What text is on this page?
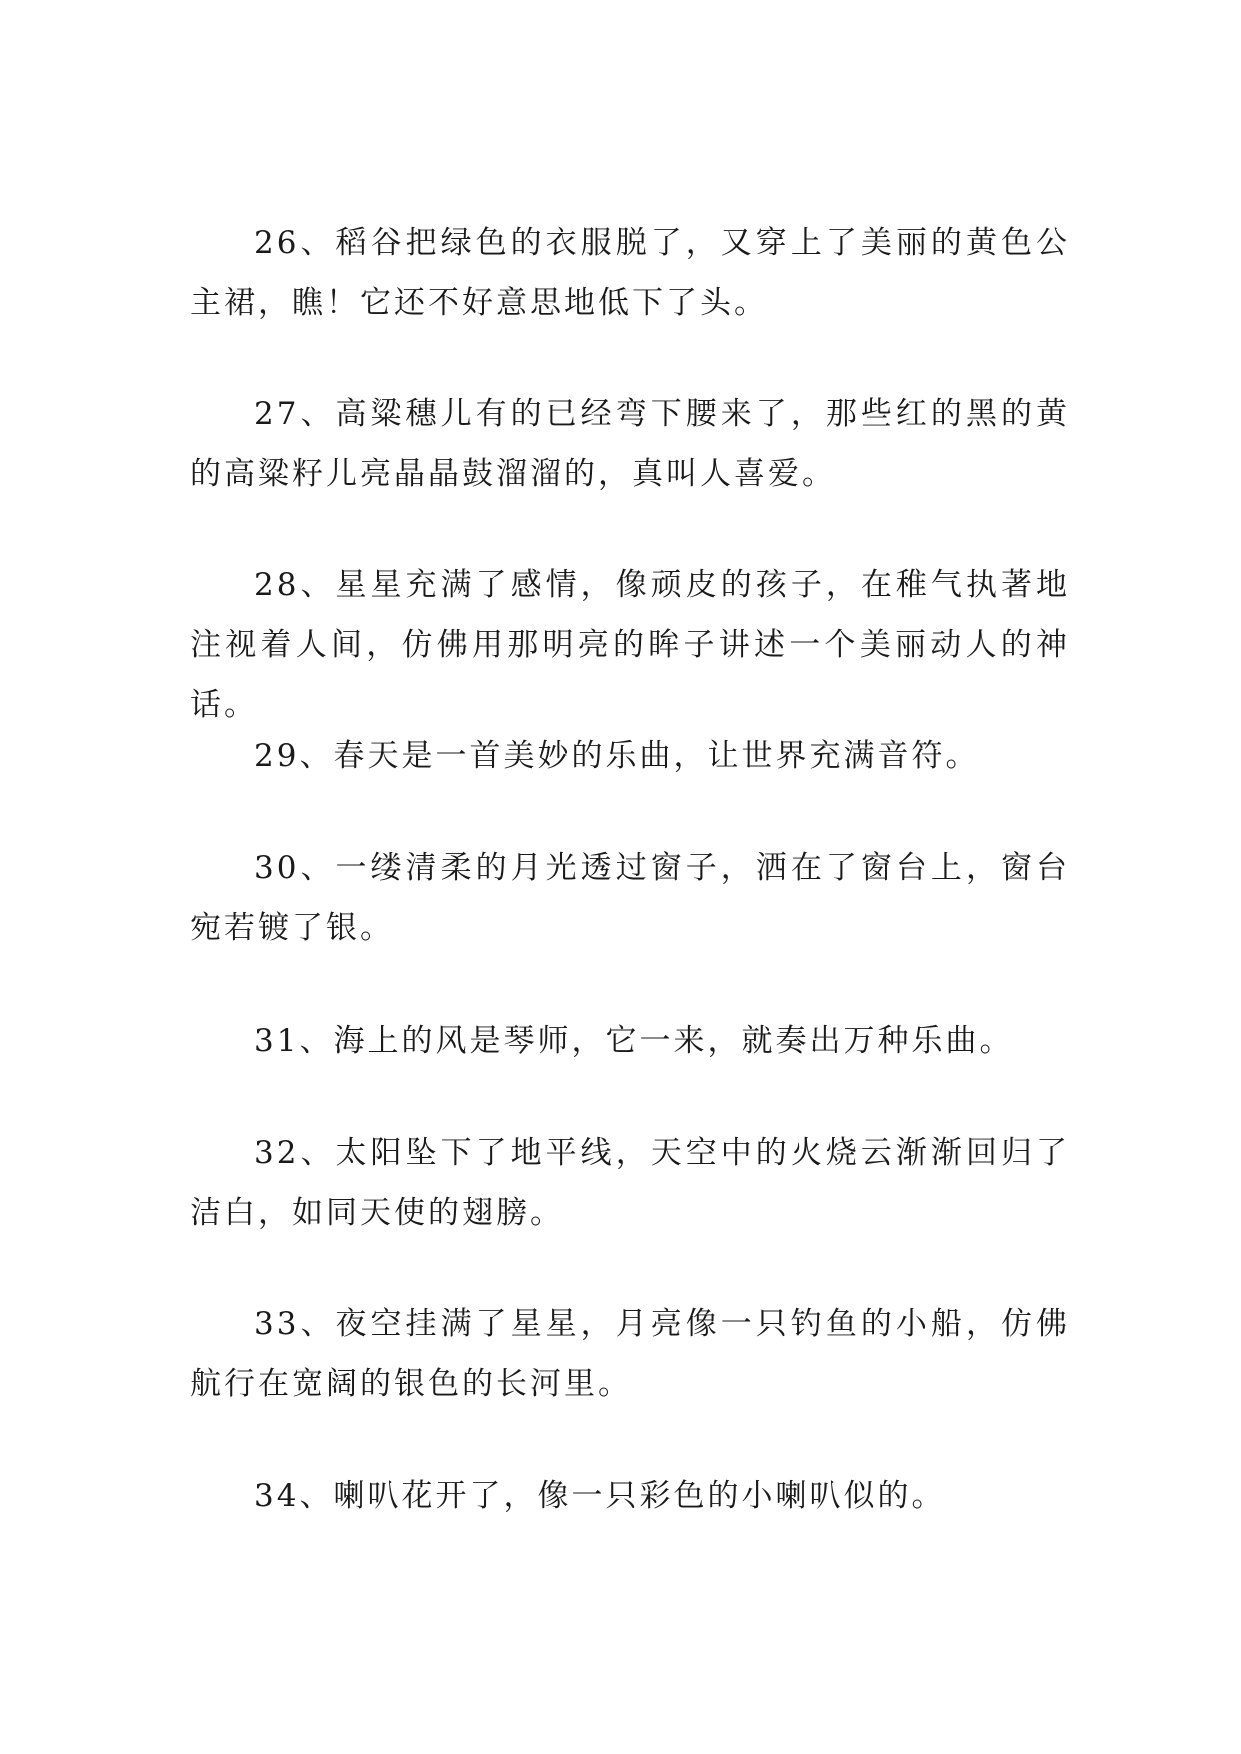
26、稻谷把绿色的衣服脱了，又穿上了美丽的黄色公主裙，瞧！它还不好意思地低下了头。

27、高粱穗儿有的已经弯下腰来了，那些红的黑的黄的高粱籽儿亮晶晶鼓溜溜的，真叫人喜爱。

28、星星充满了感情，像顽皮的孩子，在稚气执著地注视着人间，仿佛用那明亮的眸子讲述一个美丽动人的神话。

29、春天是一首美妙的乐曲，让世界充满音符。

30、一缕清柔的月光透过窗子，洒在了窗台上，窗台宛若镀了银。

31、海上的风是琴师，它一来，就奏出万种乐曲。

32、太阳坠下了地平线，天空中的火烧云渐渐回归了洁白，如同天使的翅膀。

33、夜空挂满了星星，月亮像一只钓鱼的小船，仿佛航行在宽阔的银色的长河里。

34、喇叭花开了，像一只彩色的小喇叭似的。
